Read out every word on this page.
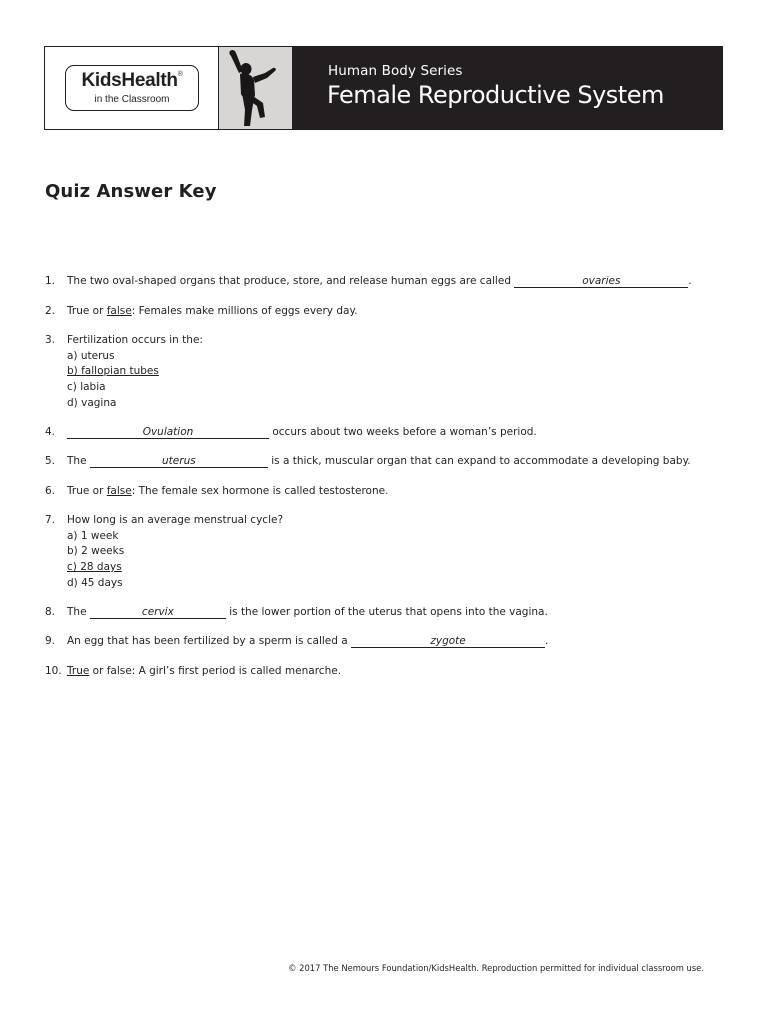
KidsHealth®
in the Classroom
Human Body Series
Female Reproductive System
Quiz Answer Key
1. The two oval-shaped organs that produce, store, and release human eggs are called	ovaries	.
2. True or false: Females make millions of eggs every day.
3. Fertilization occurs in the:
a) uterus
b) fallopian tubes
c) labia
d) vagina
4.	Ovulation	occurs about two weeks before a woman’s period.
5. The	uterus	is a thick, muscular organ that can expand to accommodate a developing baby.
6. True or false: The female sex hormone is called testosterone.
7. How long is an average menstrual cycle?
a) 1 week
b) 2 weeks
c) 28 days
d) 45 days
8. The	cervix	is the lower portion of the uterus that opens into the vagina.
9. An egg that has been fertilized by a sperm is called a	zygote	.
10. True or false: A girl’s first period is called menarche.
© 2017 The Nemours Foundation/KidsHealth. Reproduction permitted for individual classroom use.
